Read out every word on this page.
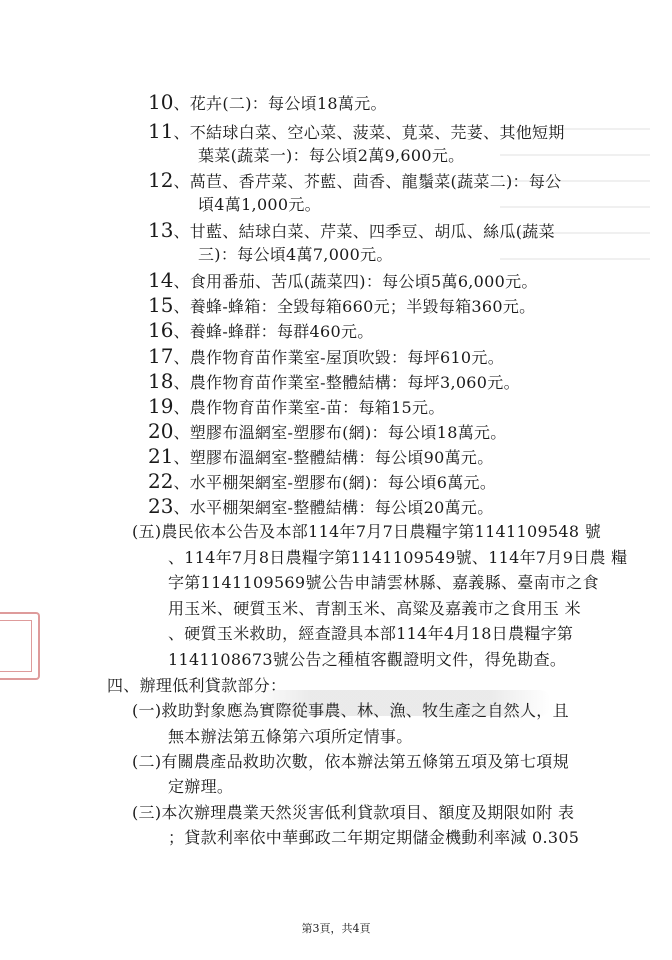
10、花卉(二)：每公頃18萬元。
11、不結球白菜、空心菜、菠菜、莧菜、芫荽、其他短期
葉菜(蔬菜一)：每公頃2萬9,600元。
12、萵苣、香芹菜、芥藍、茴香、龍鬚菜(蔬菜二)：每公
頃4萬1,000元。
13、甘藍、結球白菜、芹菜、四季豆、胡瓜、絲瓜(蔬菜
三)：每公頃4萬7,000元。
14、食用番茄、苦瓜(蔬菜四)：每公頃5萬6,000元。
15、養蜂-蜂箱：全毀每箱660元；半毀每箱360元。
16、養蜂-蜂群：每群460元。
17、農作物育苗作業室-屋頂吹毀：每坪610元。
18、農作物育苗作業室-整體結構：每坪3,060元。
19、農作物育苗作業室-苗：每箱15元。
20、塑膠布溫網室-塑膠布(網)：每公頃18萬元。
21、塑膠布溫網室-整體結構：每公頃90萬元。
22、水平棚架網室-塑膠布(網)：每公頃6萬元。
23、水平棚架網室-整體結構：每公頃20萬元。
(五)農民依本公告及本部114年7月7日農糧字第1141109548 號
、114年7月8日農糧字第1141109549號、114年7月9日農 糧
字第1141109569號公告申請雲林縣、嘉義縣、臺南市之食
用玉米、硬質玉米、青割玉米、高粱及嘉義市之食用玉 米
、硬質玉米救助，經查證具本部114年4月18日農糧字第
1141108673號公告之種植客觀證明文件，得免勘查。
四、辦理低利貸款部分：
(一)救助對象應為實際從事農、林、漁、牧生產之自然人，且
無本辦法第五條第六項所定情事。
(二)有關農產品救助次數，依本辦法第五條第五項及第七項規
定辦理。
(三)本次辦理農業天然災害低利貸款項目、額度及期限如附 表
；貸款利率依中華郵政二年期定期儲金機動利率減 0.305
第3頁，共4頁
